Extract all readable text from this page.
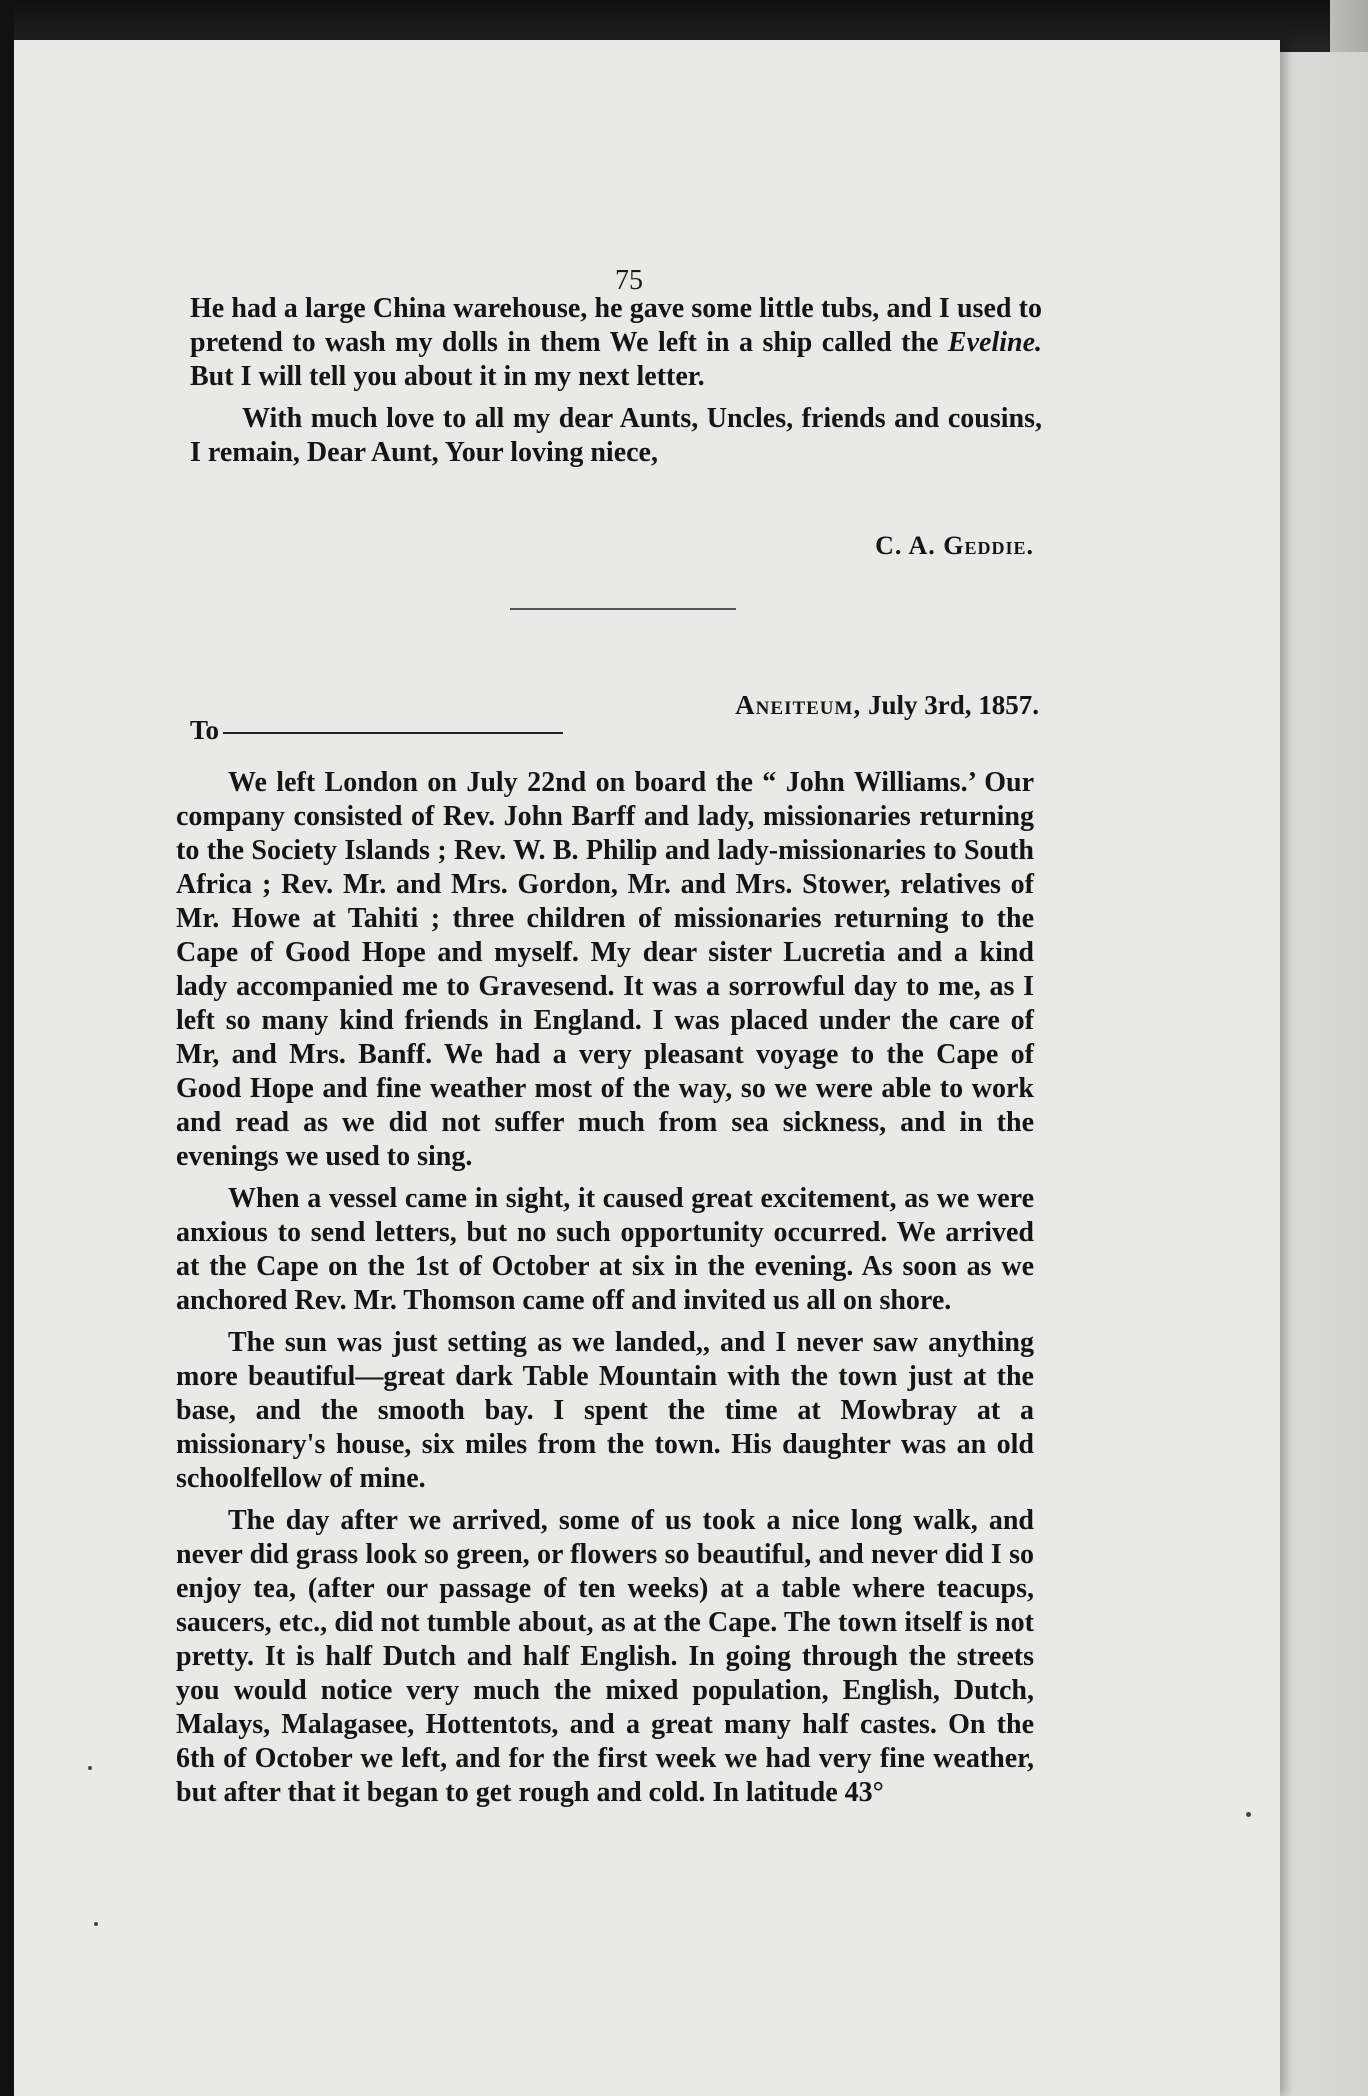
75

He had a large China warehouse, he gave some little tubs, and I used to pretend to wash my dolls in them We left in a ship called the Eveline. But I will tell you about it in my next letter.

With much love to all my dear Aunts, Uncles, friends and cousins, I remain, Dear Aunt, Your loving niece,

C. A. Geddie.
Aneiteum, July 3rd, 1857.
To

We left London on July 22nd on board the “ John Williams.’ Our company consisted of Rev. John Barff and lady, missionaries returning to the Society Islands ; Rev. W. B. Philip and lady-missionaries to South Africa ; Rev. Mr. and Mrs. Gordon, Mr. and Mrs. Stower, relatives of Mr. Howe at Tahiti ; three children of missionaries returning to the Cape of Good Hope and myself. My dear sister Lucretia and a kind lady accompanied me to Gravesend. It was a sorrowful day to me, as I left so many kind friends in England. I was placed under the care of Mr, and Mrs. Banff. We had a very pleasant voyage to the Cape of Good Hope and fine weather most of the way, so we were able to work and read as we did not suffer much from sea sickness, and in the evenings we used to sing.

When a vessel came in sight, it caused great excitement, as we were anxious to send letters, but no such opportunity occurred. We arrived at the Cape on the 1st of October at six in the evening. As soon as we anchored Rev. Mr. Thomson came off and invited us all on shore.

The sun was just setting as we landed,, and I never saw anything more beautiful—great dark Table Mountain with the town just at the base, and the smooth bay. I spent the time at Mowbray at a missionary's house, six miles from the town. His daughter was an old schoolfellow of mine.

The day after we arrived, some of us took a nice long walk, and never did grass look so green, or flowers so beautiful, and never did I so enjoy tea, (after our passage of ten weeks) at a table where teacups, saucers, etc., did not tumble about, as at the Cape. The town itself is not pretty. It is half Dutch and half English. In going through the streets you would notice very much the mixed population, English, Dutch, Malays, Malagasee, Hottentots, and a great many half castes. On the 6th of October we left, and for the first week we had very fine weather, but after that it began to get rough and cold. In latitude 43°
